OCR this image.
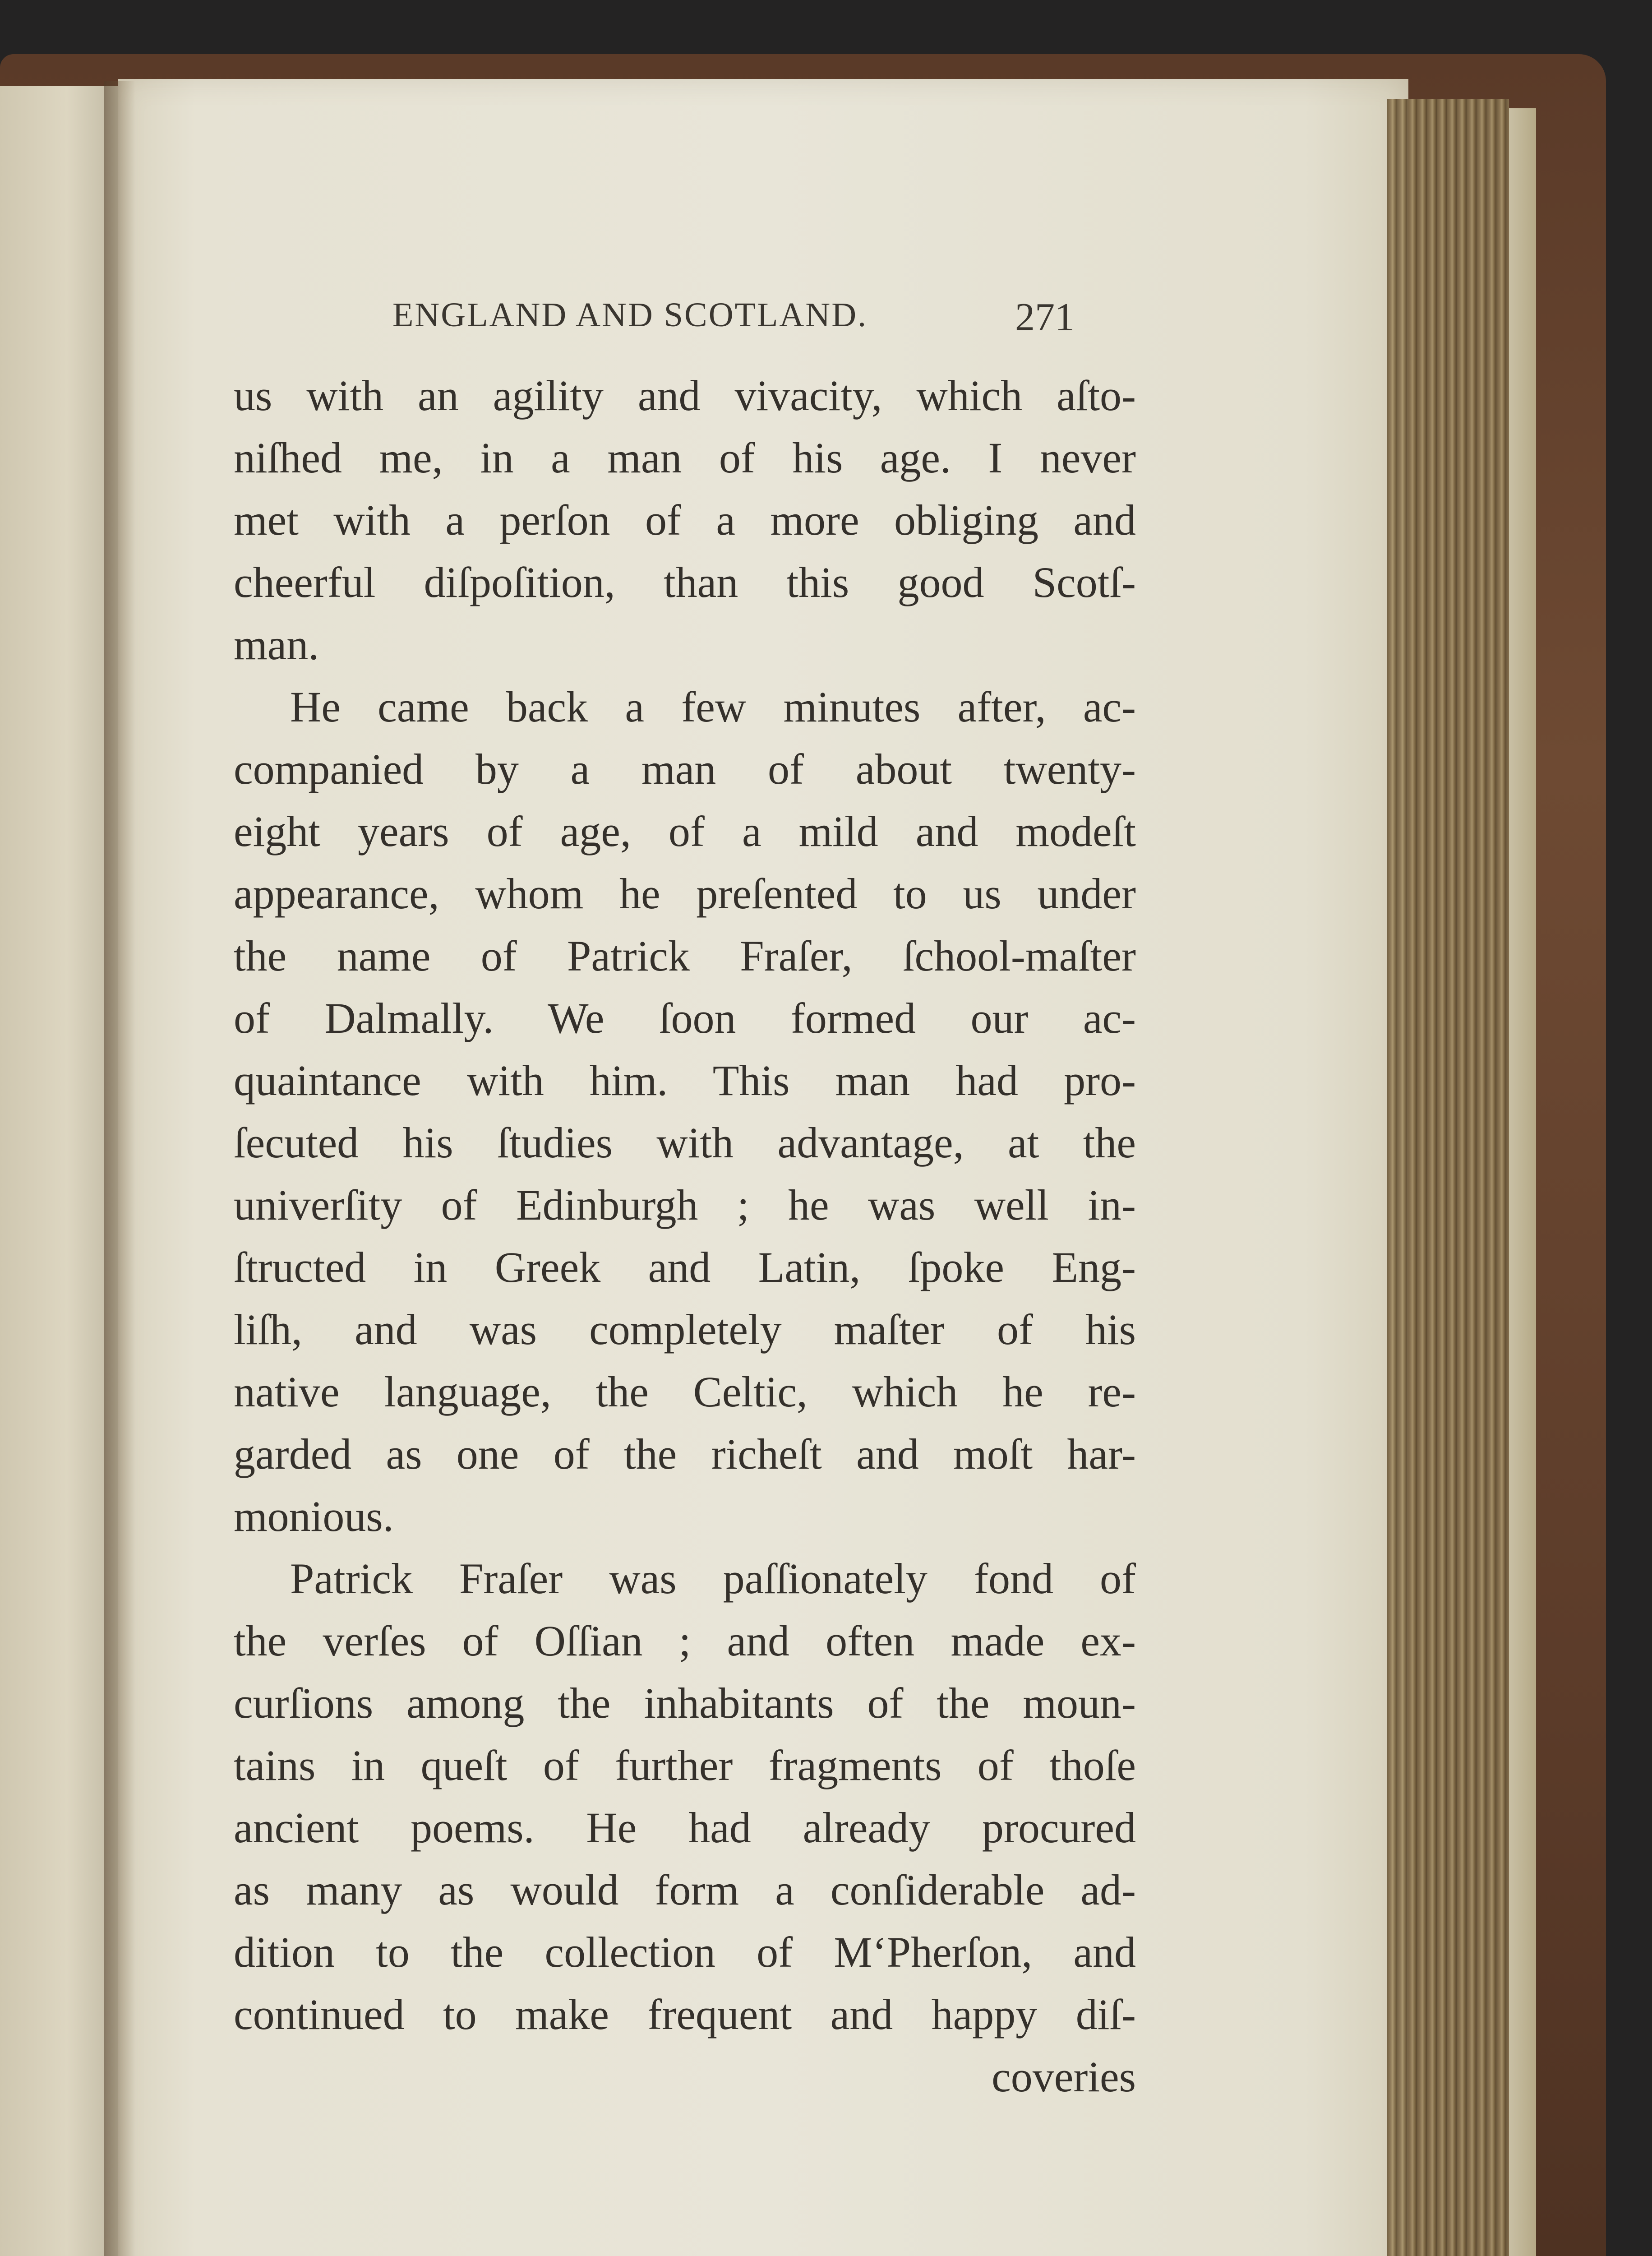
ENGLAND AND SCOTLAND.	271
us with an agility and vivacity, which aſto-
niſhed me, in a man of his age. I never
met with a perſon of a more obliging and
cheerful diſpoſition, than this good Scotſ-
man.
He came back a few minutes after, ac-
companied by a man of about twenty-
eight years of age, of a mild and modeſt
appearance, whom he preſented to us under
the name of Patrick Fraſer, ſchool-maſter
of Dalmally. We ſoon formed our ac-
quaintance with him. This man had pro-
ſecuted his ſtudies with advantage, at the
univerſity of Edinburgh ; he was well in-
ſtructed in Greek and Latin, ſpoke Eng-
liſh, and was completely maſter of his
native language, the Celtic, which he re-
garded as one of the richeſt and moſt har-
monious.
Patrick Fraſer was paſſionately fond of
the verſes of Oſſian ; and often made ex-
curſions among the inhabitants of the moun-
tains in queſt of further fragments of thoſe
ancient poems. He had already procured
as many as would form a conſiderable ad-
dition to the collection of M‘Pherſon, and
continued to make frequent and happy diſ-
coveries
